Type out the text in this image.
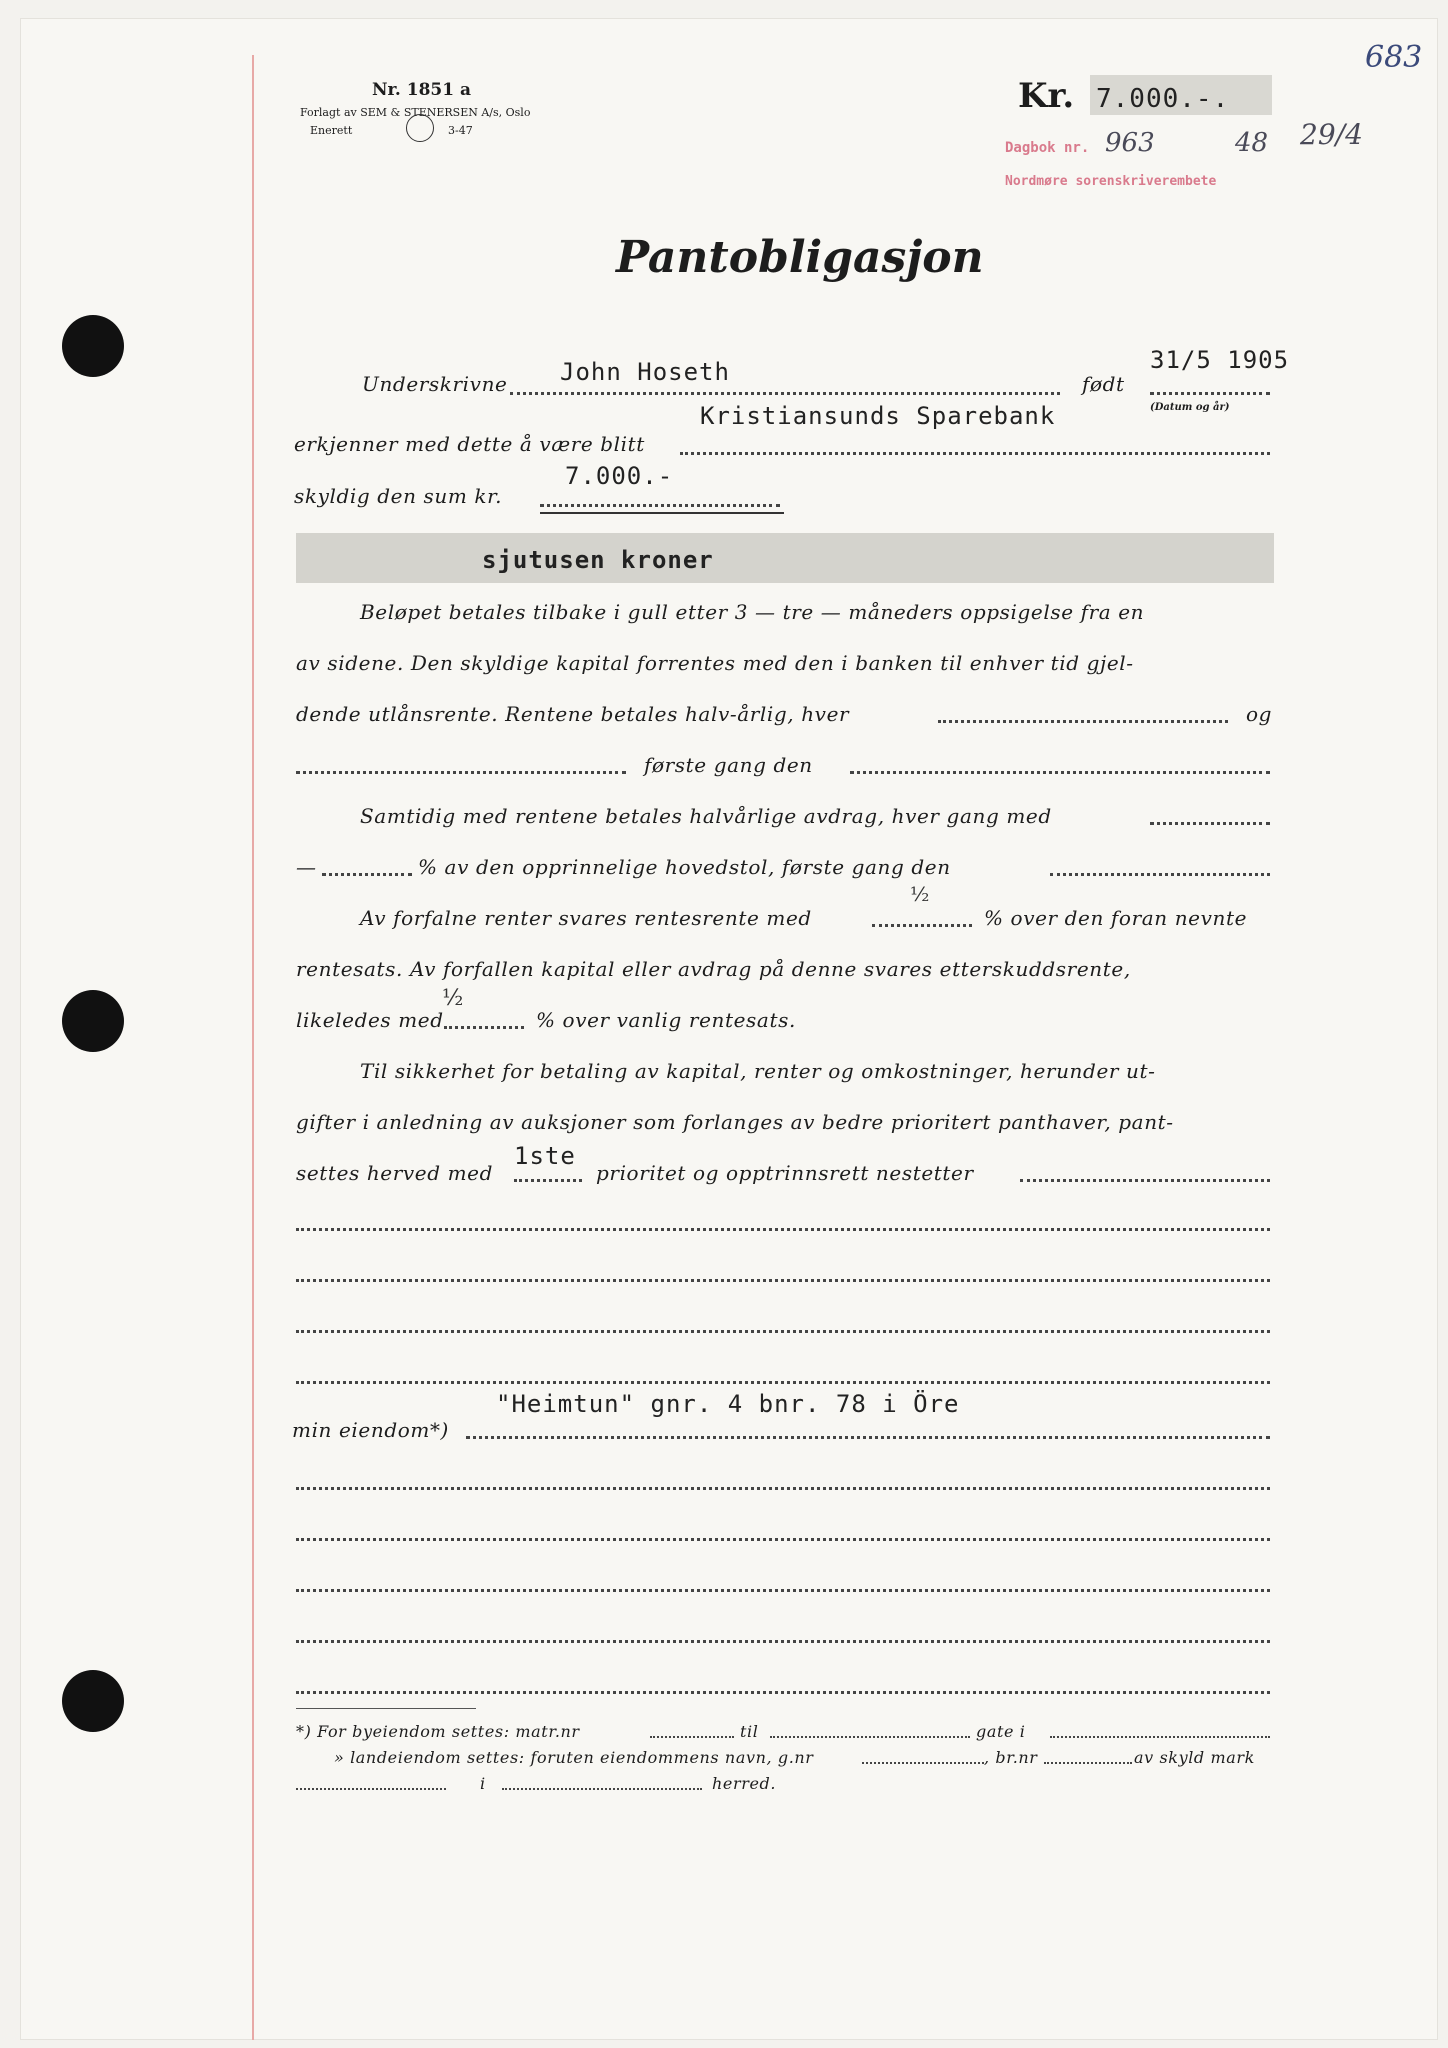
683
Nr. 1851 a
Forlagt av SEM & STENERSEN A/s, Oslo
Enerett	3-47
Kr. 7.000.-.
Dagbok nr. 963	48 29/4
Nordmøre sorenskriverembete
Pantobligasjon
Underskrivne John Hoseth	født
31/5 1905
(Datum og år)
erkjenner med dette å være blitt
Kristiansunds Sparebank
skyldig den sum kr.
7.000.-
sjutusen kroner
Beløpet betales tilbake i gull etter 3 — tre — måneders oppsigelse fra en
av sidene. Den skyldige kapital forrentes med den i banken til enhver tid gjel-
dende utlånsrente. Rentene betales halv-årlig, hver	og
første gang den
Samtidig med rentene betales halvårlige avdrag, hver gang med
—	% av den opprinnelige hovedstol, første gang den
Av forfalne renter svares rentesrente med
½
% over den foran nevnte
rentesats. Av forfallen kapital eller avdrag på denne svares etterskuddsrente,
likeledes med
½
% over vanlig rentesats.
Til sikkerhet for betaling av kapital, renter og omkostninger, herunder ut-
gifter i anledning av auksjoner som forlanges av bedre prioritert panthaver, pant-
settes herved med
1ste
prioritet og opptrinnsrett nestetter
"Heimtun" gnr. 4 bnr. 78 i Öre
min eiendom*)
*) For byeiendom settes: matr.nr	til	gate i
» landeiendom settes: foruten eiendommens navn, g.nr	, br.nr	av skyld mark
i	herred.
